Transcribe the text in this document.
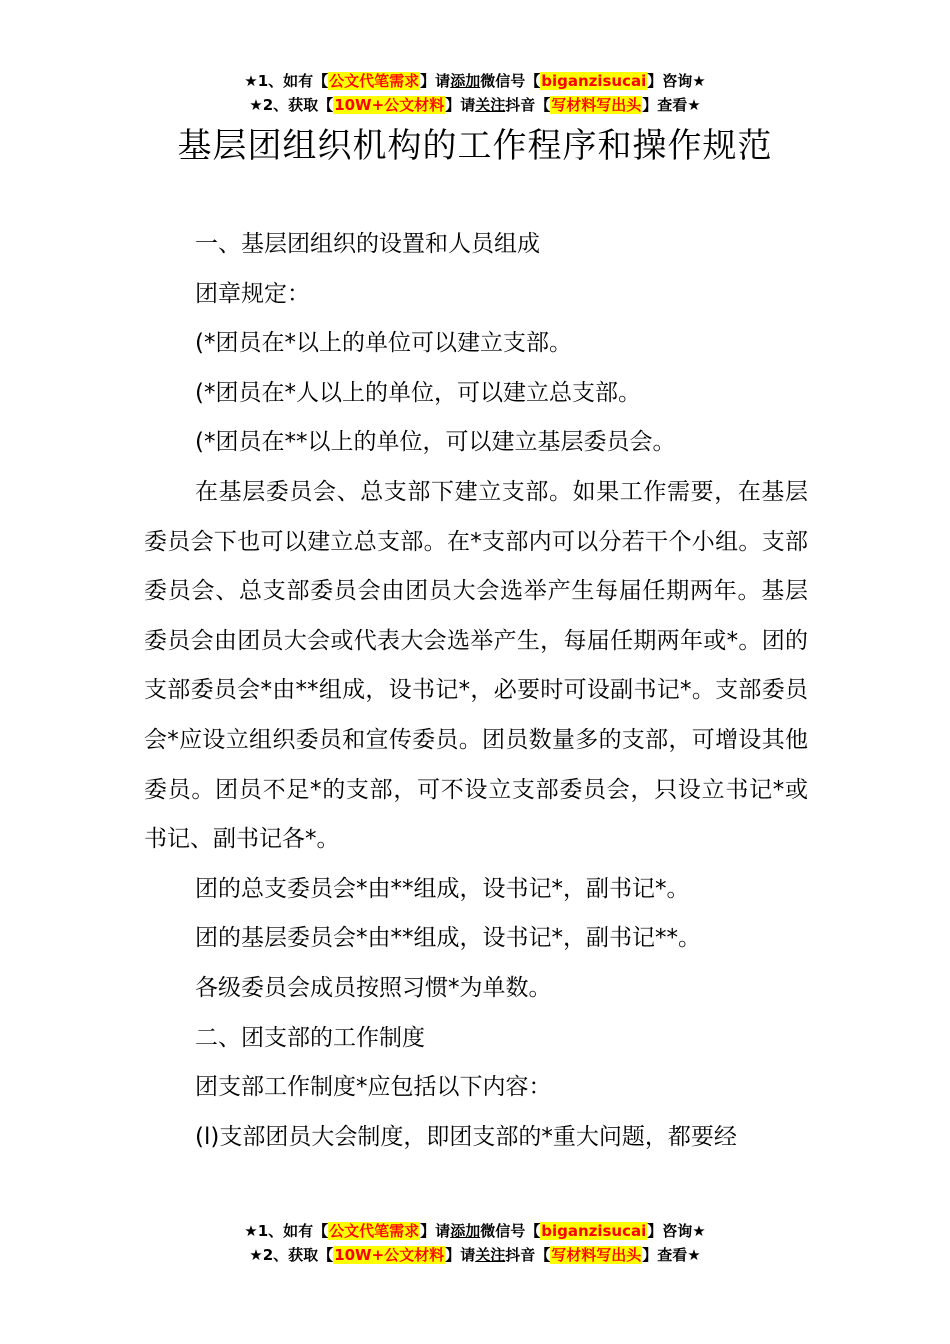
★1、如有【公文代笔需求】请添加微信号【biganzisucai】咨询★
★2、获取【10W+公文材料】请关注抖音【写材料写出头】查看★
基层团组织机构的工作程序和操作规范

一、基层团组织的设置和人员组成

团章规定：

(*团员在*以上的单位可以建立支部。

(*团员在*人以上的单位，可以建立总支部。

(*团员在**以上的单位，可以建立基层委员会。

在基层委员会、总支部下建立支部。如果工作需要，在基层委员会下也可以建立总支部。在*支部内可以分若干个小组。支部委员会、总支部委员会由团员大会选举产生每届任期两年。基层委员会由团员大会或代表大会选举产生，每届任期两年或*。团的支部委员会*由**组成，设书记*，必要时可设副书记*。支部委员会*应设立组织委员和宣传委员。团员数量多的支部，可增设其他委员。团员不足*的支部，可不设立支部委员会，只设立书记*或书记、副书记各*。

团的总支委员会*由**组成，设书记*，副书记*。

团的基层委员会*由**组成，设书记*，副书记**。

各级委员会成员按照习惯*为单数。

二、团支部的工作制度

团支部工作制度*应包括以下内容：

(l)支部团员大会制度，即团支部的*重大问题，都要经

★1、如有【公文代笔需求】请添加微信号【biganzisucai】咨询★
★2、获取【10W+公文材料】请关注抖音【写材料写出头】查看★
